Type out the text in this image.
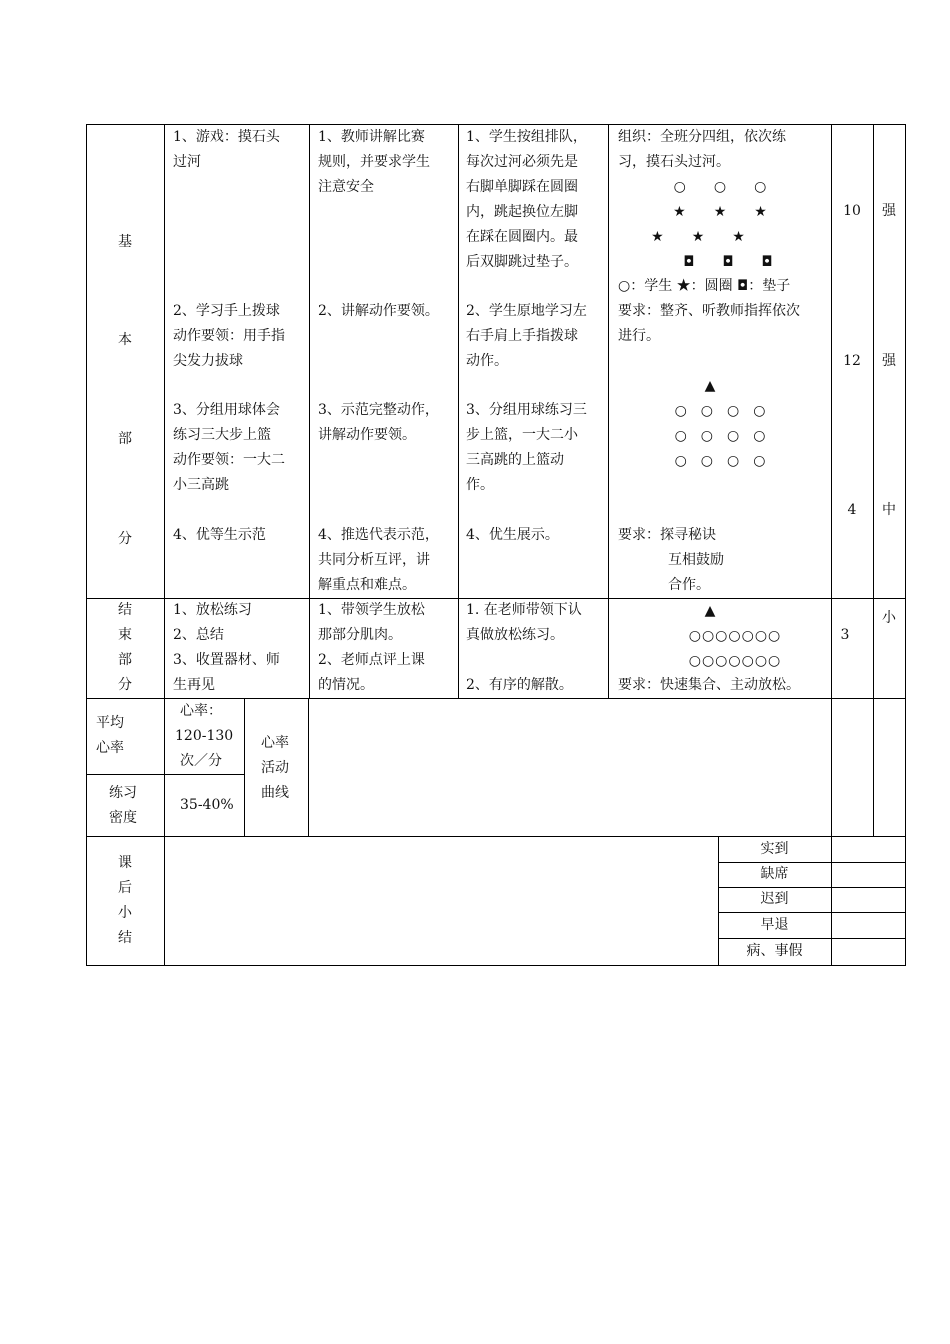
基
本
部
分
1、游戏：摸石头
过河
2、学习手上拨球
动作要领：用手指
尖发力拔球
3、分组用球体会
练习三大步上篮
动作要领：一大二
小三高跳
4、优等生示范
1、教师讲解比赛
规则，并要求学生
注意安全
2、讲解动作要领。
3、示范完整动作，
讲解动作要领。
4、推选代表示范，
共同分析互评，讲
解重点和难点。
1、学生按组排队，
每次过河必须先是
右脚单脚踩在圆圈
内，跳起换位左脚
在踩在圆圈内。最
后双脚跳过垫子。
2、学生原地学习左
右手肩上手指拨球
动作。
3、分组用球练习三
步上篮，一大二小
三高跳的上篮动
作。
4、优生展示。
组织：全班分四组，依次练
习，摸石头过河。
○　　○　　○
★　　★　　★
★　　★　　★
◘　　◘　　◘
○：学生 ★：圆圈 ◘：垫子
要求：整齐、听教师指挥依次
进行。
▲
○　○　○　○
○　○　○　○
○　○　○　○
要求：探寻秘诀
互相鼓励
合作。
10
12
4
3
强
强
中
小
结
束
部
分
1、放松练习
2、总结
3、收置器材、师
生再见
1、带领学生放松
那部分肌肉。
2、老师点评上课
的情况。
1. 在老师带领下认
真做放松练习。
2、有序的解散。
▲
○○○○○○○
○○○○○○○
要求：快速集合、主动放松。
平均
心率
心率：
120-130
次／分
心率
活动
曲线
练习
密度
35-40%
课
后
小
结
实到
缺席
迟到
早退
病、事假
